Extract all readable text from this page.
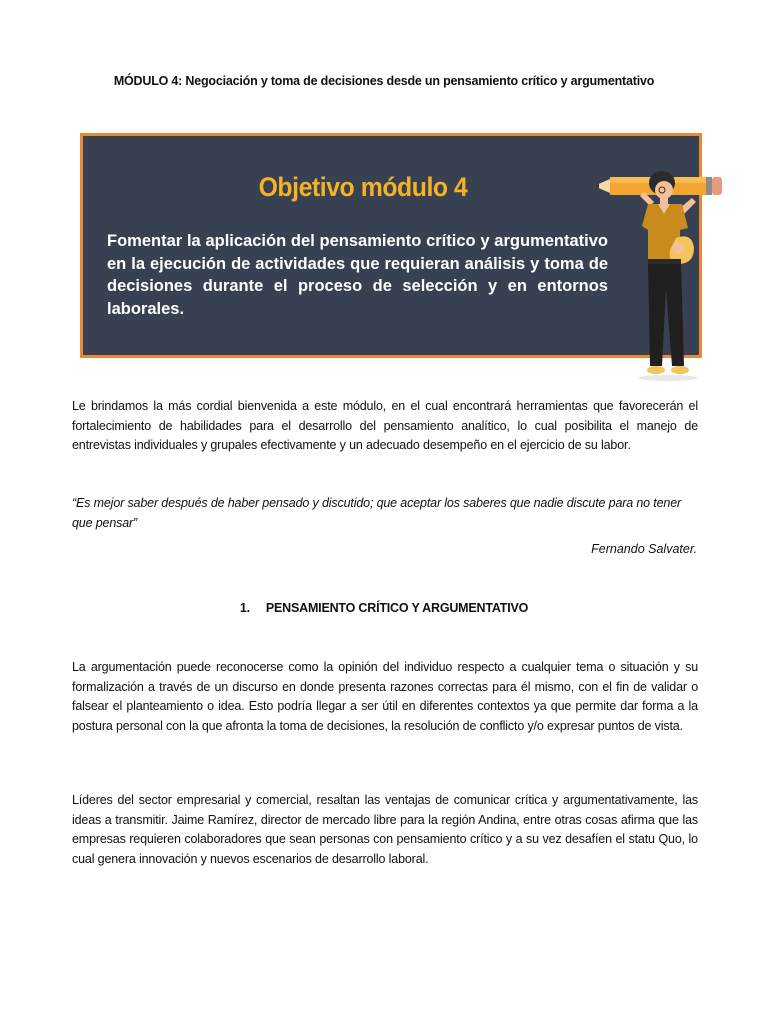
MÓDULO 4: Negociación y toma de decisiones desde un pensamiento crítico y argumentativo
Objetivo módulo 4
Fomentar la aplicación del pensamiento crítico y argumentativo en la ejecución de actividades que requieran análisis y toma de decisiones durante el proceso de selección y en entornos laborales.
Le brindamos la más cordial bienvenida a este módulo, en el cual encontrará herramientas que favorecerán el fortalecimiento de habilidades para el desarrollo del pensamiento analítico, lo cual posibilita el manejo de entrevistas individuales y grupales efectivamente y un adecuado desempeño en el ejercicio de su labor.
“Es mejor saber después de haber pensado y discutido; que aceptar los saberes que nadie discute para no tener que pensar”
Fernando Salvater.
1. PENSAMIENTO CRÍTICO Y ARGUMENTATIVO
La argumentación puede reconocerse como la opinión del individuo respecto a cualquier tema o situación y su formalización a través de un discurso en donde presenta razones correctas para él mismo, con el fin de validar o falsear el planteamiento o idea. Esto podría llegar a ser útil en diferentes contextos ya que permite dar forma a la postura personal con la que afronta la toma de decisiones, la resolución de conflicto y/o expresar puntos de vista.
Líderes del sector empresarial y comercial, resaltan las ventajas de comunicar crítica y argumentativamente, las ideas a transmitir. Jaime Ramírez, director de mercado libre para la región Andina, entre otras cosas afirma que las empresas requieren colaboradores que sean personas con pensamiento crítico y a su vez desafíen el statu Quo, lo cual genera innovación y nuevos escenarios de desarrollo laboral.
